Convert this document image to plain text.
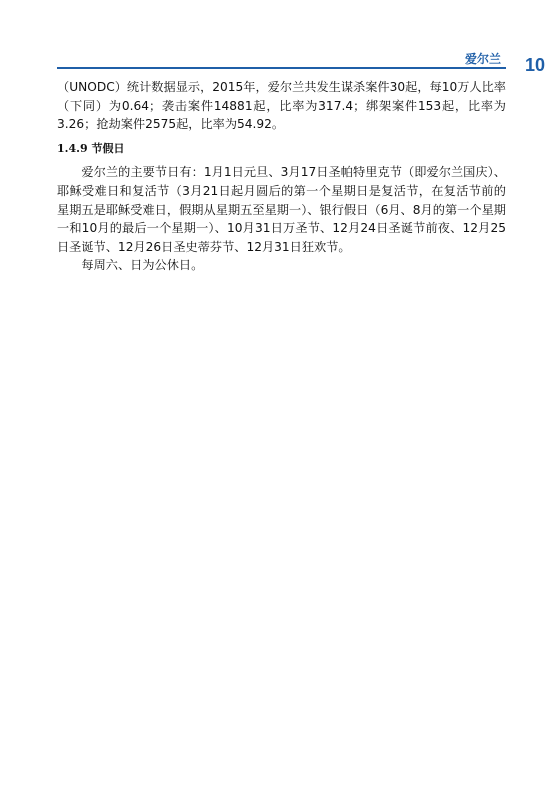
爱尔兰 10

（UNODC）统计数据显示，2015年，爱尔兰共发生谋杀案件30起，每10万人比率（下同）为0.64；袭击案件14881起，比率为317.4；绑架案件153起，比率为3.26；抢劫案件2575起，比率为54.92。

1.4.9 节假日

爱尔兰的主要节日有：1月1日元旦、3月17日圣帕特里克节（即爱尔兰国庆）、耶稣受难日和复活节（3月21日起月圆后的第一个星期日是复活节，在复活节前的星期五是耶稣受难日，假期从星期五至星期一）、银行假日（6月、8月的第一个星期一和10月的最后一个星期一）、10月31日万圣节、12月24日圣诞节前夜、12月25日圣诞节、12月26日圣史蒂芬节、12月31日狂欢节。

每周六、日为公休日。
